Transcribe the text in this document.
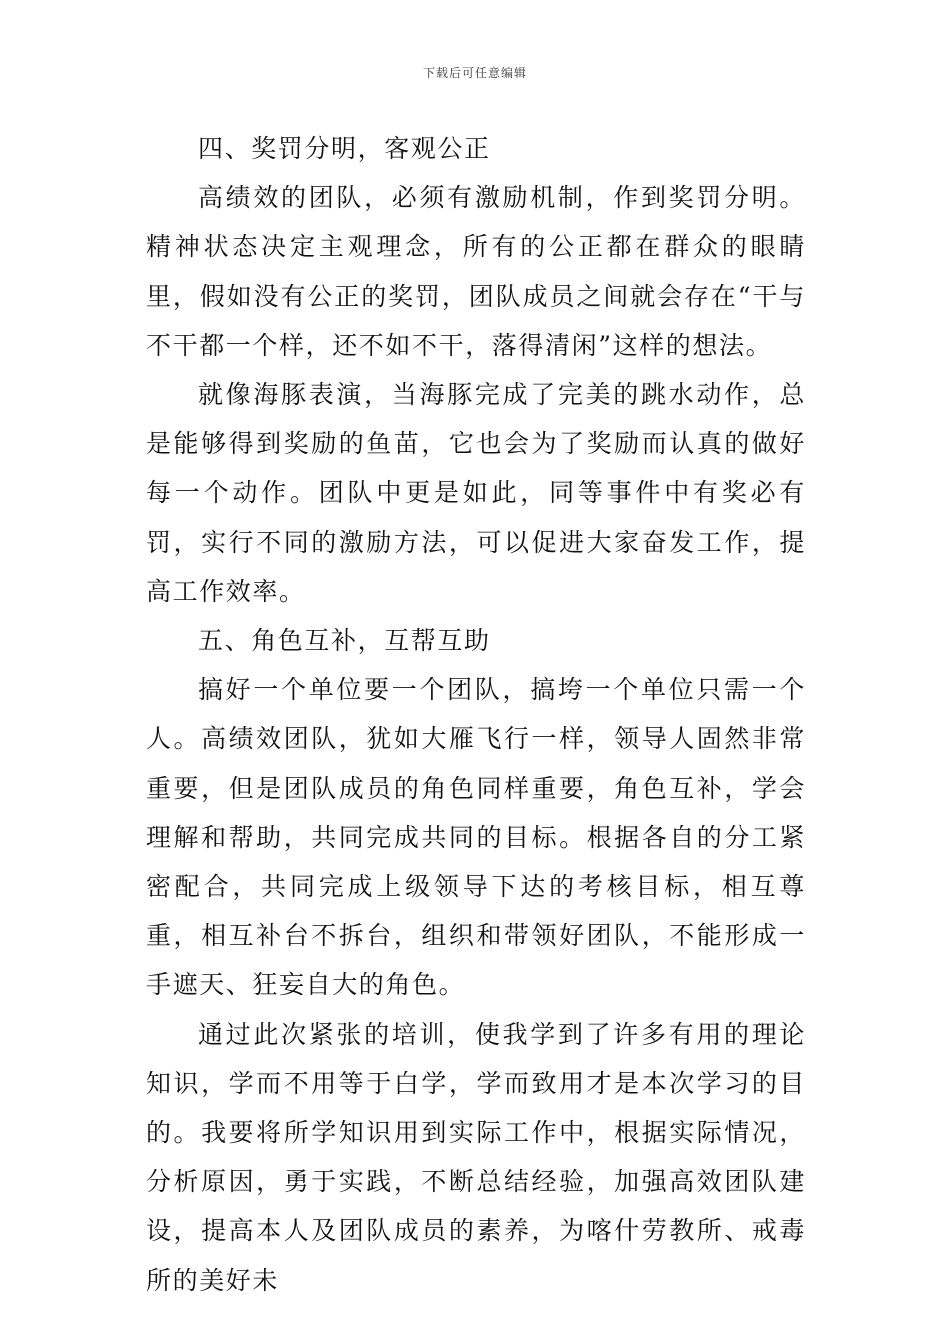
下载后可任意编辑

四、奖罚分明，客观公正

高绩效的团队，必须有激励机制，作到奖罚分明。精神状态决定主观理念，所有的公正都在群众的眼睛里，假如没有公正的奖罚，团队成员之间就会存在“干与不干都一个样，还不如不干，落得清闲”这样的想法。

就像海豚表演，当海豚完成了完美的跳水动作，总是能够得到奖励的鱼苗，它也会为了奖励而认真的做好每一个动作。团队中更是如此，同等事件中有奖必有罚，实行不同的激励方法，可以促进大家奋发工作，提高工作效率。

五、角色互补，互帮互助

搞好一个单位要一个团队，搞垮一个单位只需一个人。高绩效团队，犹如大雁飞行一样，领导人固然非常重要，但是团队成员的角色同样重要，角色互补，学会理解和帮助，共同完成共同的目标。根据各自的分工紧密配合，共同完成上级领导下达的考核目标，相互尊重，相互补台不拆台，组织和带领好团队，不能形成一手遮天、狂妄自大的角色。

通过此次紧张的培训，使我学到了许多有用的理论知识，学而不用等于白学，学而致用才是本次学习的目的。我要将所学知识用到实际工作中，根据实际情况，分析原因，勇于实践，不断总结经验，加强高效团队建设，提高本人及团队成员的素养，为喀什劳教所、戒毒所的美好未
